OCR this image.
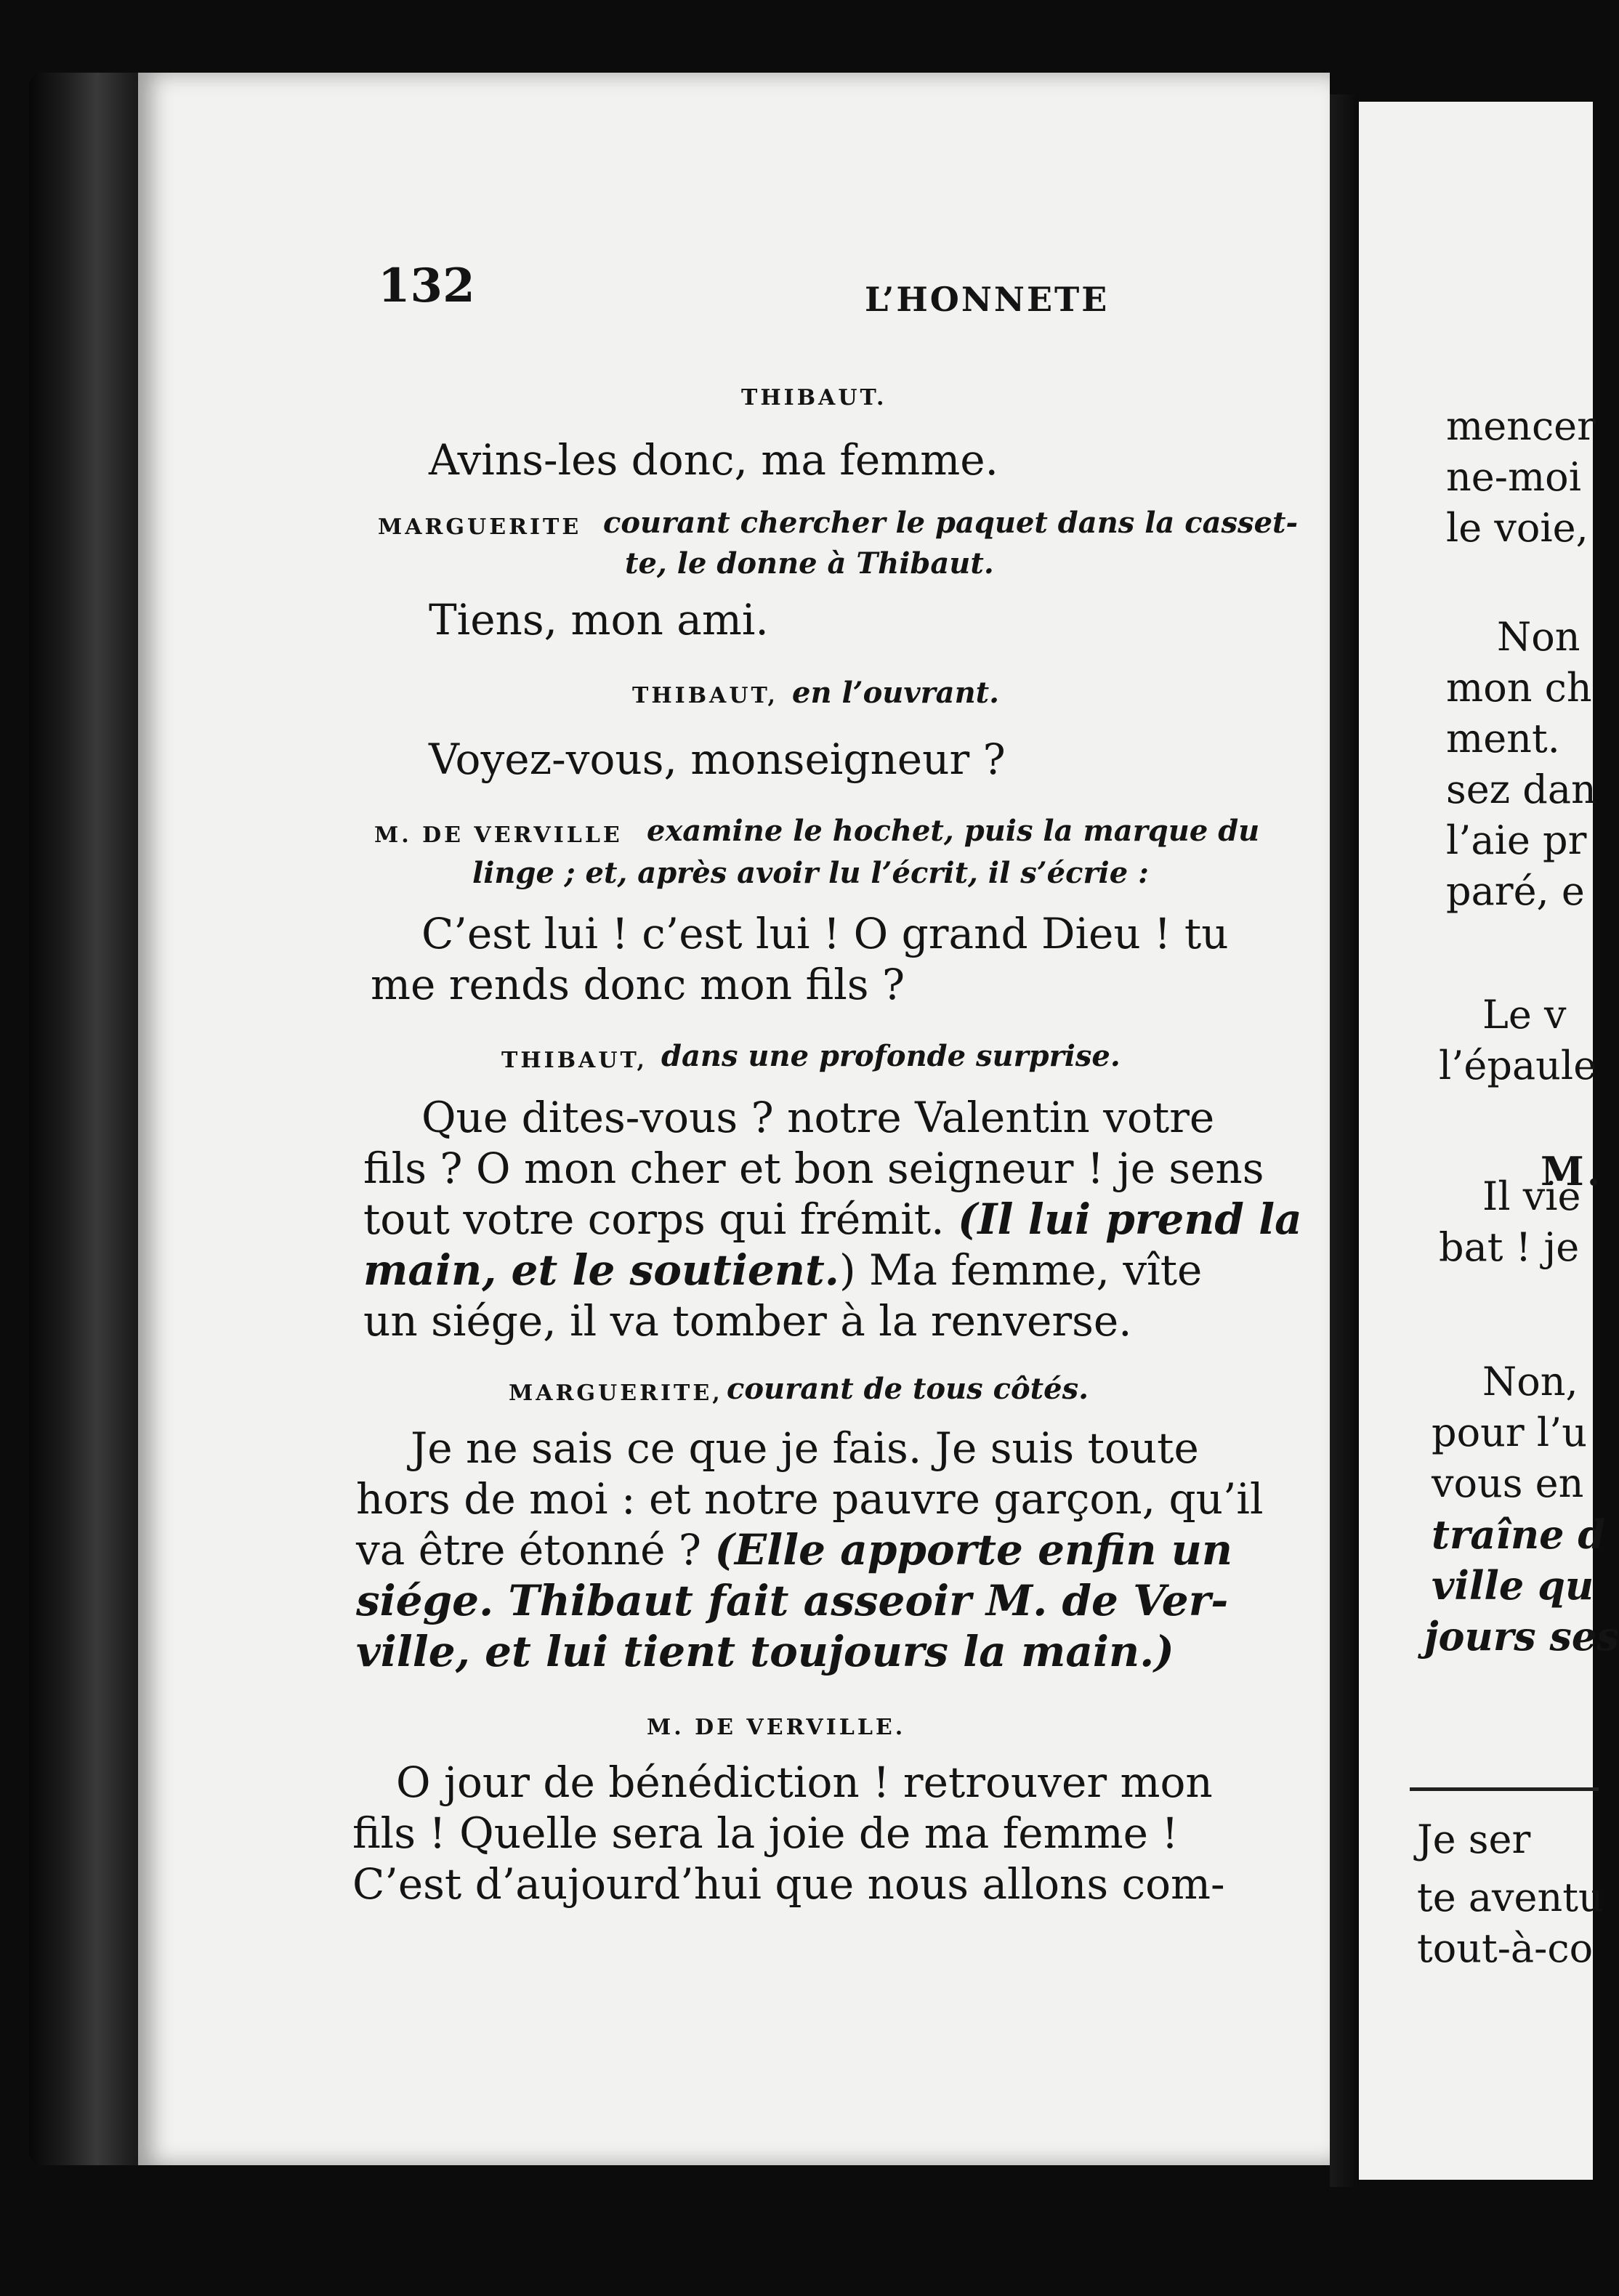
132	L’HONNETE
THIBAUT.
Avins-les donc, ma femme.
MARGUERITE courant chercher le paquet dans la casset-
te, le donne à Thibaut.
Tiens, mon ami.
THIBAUT, en l’ouvrant.
Voyez-vous, monseigneur ?
M. DE VERVILLE examine le hochet, puis la marque du
linge ; et, après avoir lu l’écrit, il s’écrie :
C’est lui ! c’est lui ! O grand Dieu ! tu
me rends donc mon fils ?
THIBAUT, dans une profonde surprise.
Que dites-vous ? notre Valentin votre
fils ? O mon cher et bon seigneur ! je sens
tout votre corps qui frémit. (Il lui prend la
main, et le soutient.) Ma femme, vîte
un siége, il va tomber à la renverse.
MARGUERITE, courant de tous côtés.
Je ne sais ce que je fais. Je suis toute
hors de moi : et notre pauvre garçon, qu’il
va être étonné ? (Elle apporte enfin un
siége. Thibaut fait asseoir M. de Ver-
ville, et lui tient toujours la main.)
M. DE VERVILLE.
O jour de bénédiction ! retrouver mon
fils ! Quelle sera la joie de ma femme !
C’est d’aujourd’hui que nous allons com-
mencer
ne-moi
le voie,
Non
mon ch
ment.
sez dan
l’aie pr
paré, e
Le v
l’épaule
M.
Il vie
bat ! je
Non,
pour l’u
vous en
traîne d
ville qu
jours ses
Je ser
te aventu
tout-à-co
